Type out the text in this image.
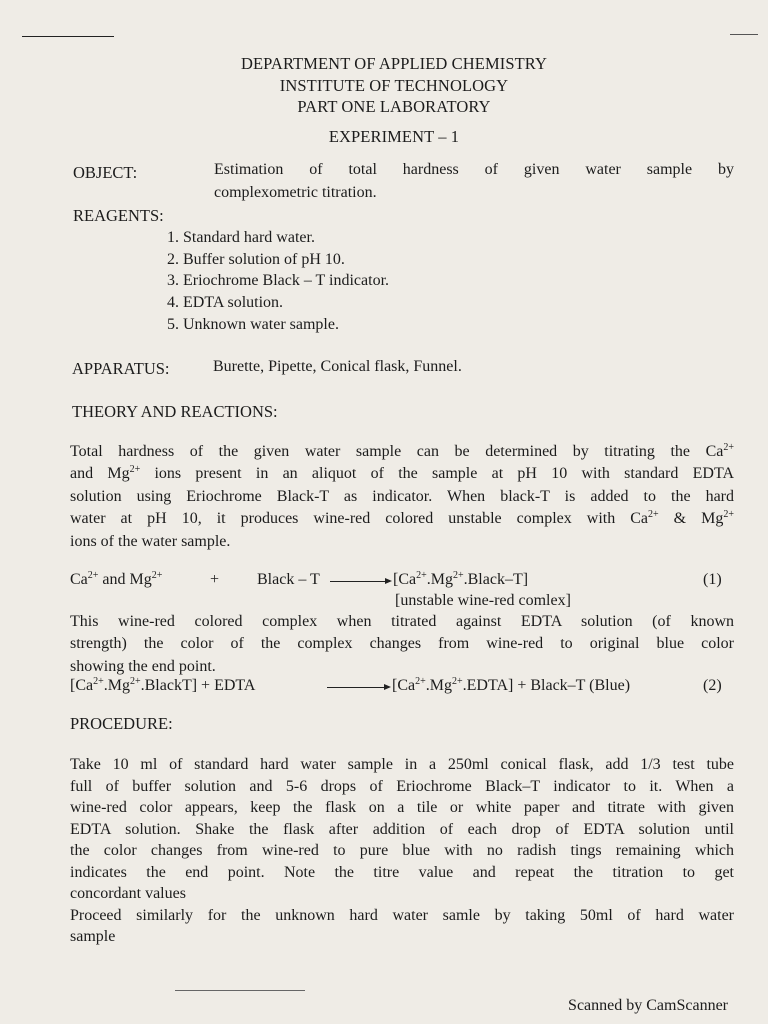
DEPARTMENT OF APPLIED CHEMISTRY
INSTITUTE OF TECHNOLOGY
PART ONE LABORATORY
EXPERIMENT – 1
OBJECT:	Estimation of total hardness of given water sample by
complexometric titration.
REAGENTS:
1. Standard hard water.
2. Buffer solution of pH 10.
3. Eriochrome Black – T indicator.
4. EDTA solution.
5. Unknown water sample.
APPARATUS:	Burette, Pipette, Conical flask, Funnel.
THEORY AND REACTIONS:
Total hardness of the given water sample can be determined by titrating the $Ca^{2+}$
and $Mg^{2+}$ ions present in an aliquot of the sample at pH 10 with standard EDTA
solution using Eriochrome Black-T as indicator. When black-T is added to the hard
water at pH 10, it produces wine-red colored unstable complex with $Ca^{2+}$ & $Mg^{2+}$
ions of the water sample.
$Ca^{2+}$ and $Mg^{2+}$	+ Black – T	$[Ca^{2+}.Mg^{2+}.Black-T]$	(1)
[unstable wine-red comlex]
This wine-red colored complex when titrated against EDTA solution (of known
strength) the color of the complex changes from wine-red to original blue color
showing the end point.
$[Ca^{2+}.Mg^{2+}.BlackT]$ + EDTA	$[Ca^{2+}.Mg^{2+}.EDTA]$ + Black–T (Blue)	(2)
PROCEDURE:
Take 10 ml of standard hard water sample in a 250ml conical flask, add 1/3 test tube
full of buffer solution and 5-6 drops of Eriochrome Black–T indicator to it. When a
wine-red color appears, keep the flask on a tile or white paper and titrate with given
EDTA solution. Shake the flask after addition of each drop of EDTA solution until
the color changes from wine-red to pure blue with no radish tings remaining which
indicates the end point. Note the titre value and repeat the titration to get
concordant values
Proceed similarly for the unknown hard water samle by taking 50ml of hard water
sample
Scanned by CamScanner
